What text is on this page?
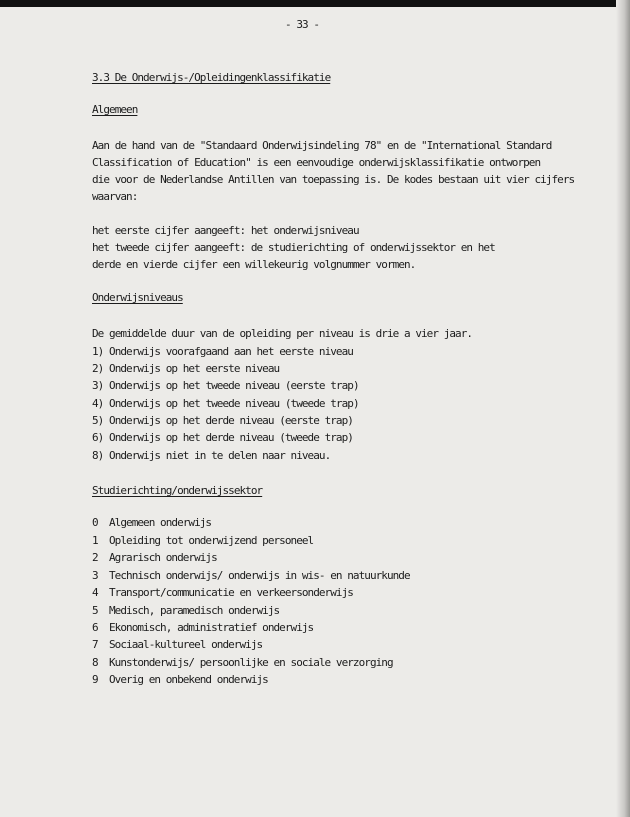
- 33 -
3.3 De Onderwijs-/Opleidingenklassifikatie
Algemeen
Aan de hand van de "Standaard Onderwijsindeling 78" en de "International Standard
Classification of Education" is een eenvoudige onderwijsklassifikatie ontworpen
die voor de Nederlandse Antillen van toepassing is. De kodes bestaan uit vier cijfers
waarvan:
het eerste cijfer aangeeft: het onderwijsniveau
het tweede cijfer aangeeft: de studierichting of onderwijssektor en het
derde en vierde cijfer een willekeurig volgnummer vormen.
Onderwijsniveaus
De gemiddelde duur van de opleiding per niveau is drie a vier jaar.
1) Onderwijs voorafgaand aan het eerste niveau
2) Onderwijs op het eerste niveau
3) Onderwijs op het tweede niveau (eerste trap)
4) Onderwijs op het tweede niveau (tweede trap)
5) Onderwijs op het derde niveau (eerste trap)
6) Onderwijs op het derde niveau (tweede trap)
8) Onderwijs niet in te delen naar niveau.
Studierichting/onderwijssektor
0 Algemeen onderwijs
1 Opleiding tot onderwijzend personeel
2 Agrarisch onderwijs
3 Technisch onderwijs/ onderwijs in wis- en natuurkunde
4 Transport/communicatie en verkeersonderwijs
5 Medisch, paramedisch onderwijs
6 Ekonomisch, administratief onderwijs
7 Sociaal-kultureel onderwijs
8 Kunstonderwijs/ persoonlijke en sociale verzorging
9 Overig en onbekend onderwijs
